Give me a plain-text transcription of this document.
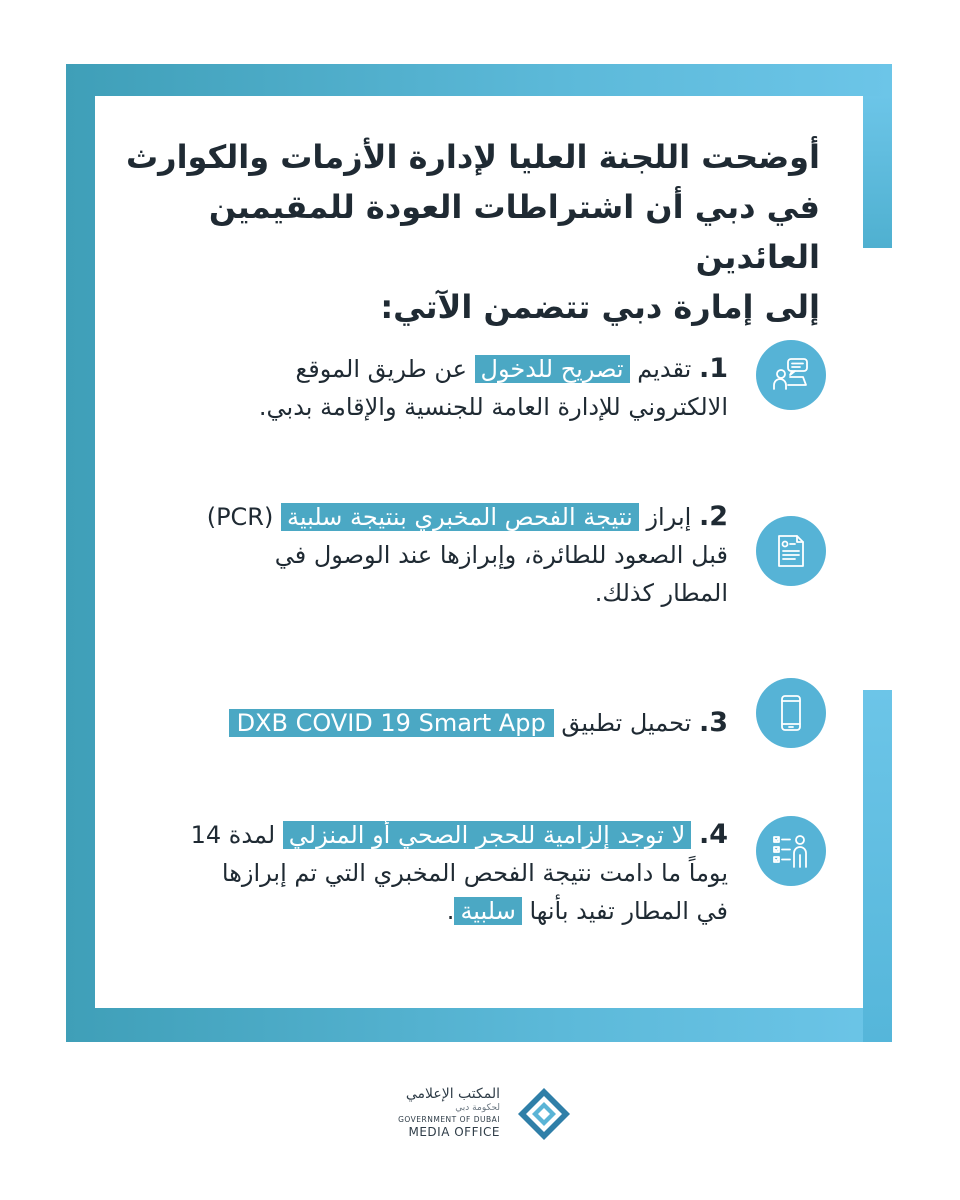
أوضحت اللجنة العليا لإدارة الأزمات والكوارث
في دبي أن اشتراطات العودة للمقيمين العائدين
إلى إمارة دبي تتضمن الآتي:
1. تقديم تصريح للدخول عن طريق الموقع
الالكتروني للإدارة العامة للجنسية والإقامة بدبي.
2. إبراز نتيجة الفحص المخبري بنتيجة سلبية (PCR)
قبل الصعود للطائرة، وإبرازها عند الوصول في
المطار كذلك.
3. تحميل تطبيق DXB COVID 19 Smart App
4. لا توجد إلزامية للحجر الصحي أو المنزلي لمدة 14
يوماً ما دامت نتيجة الفحص المخبري التي تم إبرازها
في المطار تفيد بأنها سلبية.
المكتب الإعلامي
لحكومة دبي
GOVERNMENT OF DUBAI
MEDIA OFFICE
